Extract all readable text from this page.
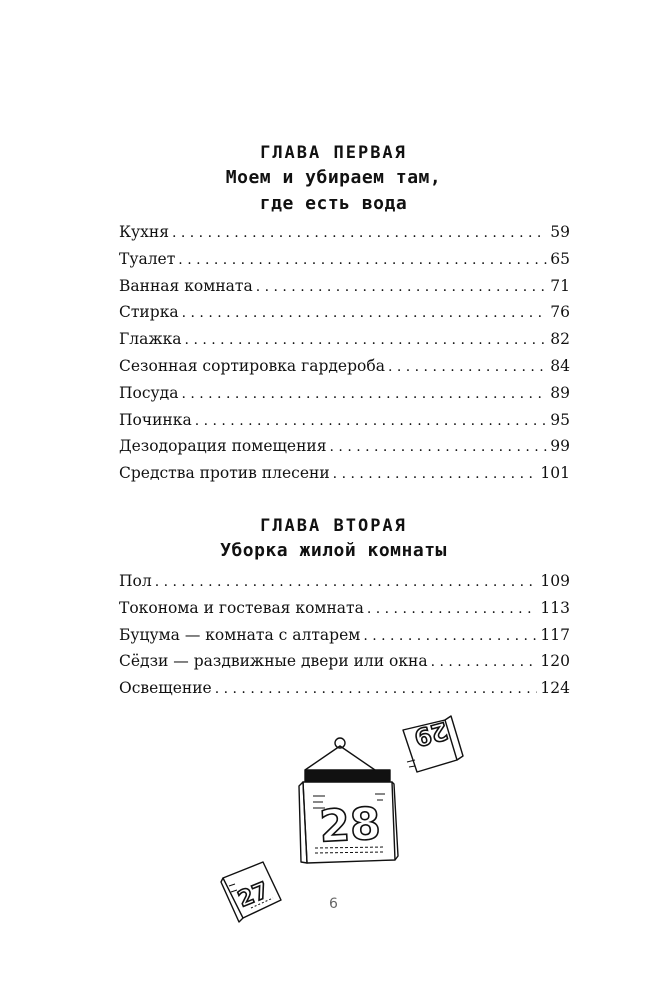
ГЛАВА ПЕРВАЯ
Моем и убираем там,
где есть вода
Кухня . . .	59
Туалет . . .	65
Ванная комната . . .	71
Стирка . . .	76
Глажка . . .	82
Сезонная сортировка гардероба . . .	84
Посуда . . .	89
Починка . . .	95
Дезодорация помещения . . .	99
Средства против плесени . . .	101
ГЛАВА ВТОРАЯ
Уборка жилой комнаты
Пол . . .	109
Токонома и гостевая комната . . .	113
Буцума — комната с алтарем . . .	117
Сёдзи — раздвижные двери или окна . . .	120
Освещение . . .	124
28
29
27	6
